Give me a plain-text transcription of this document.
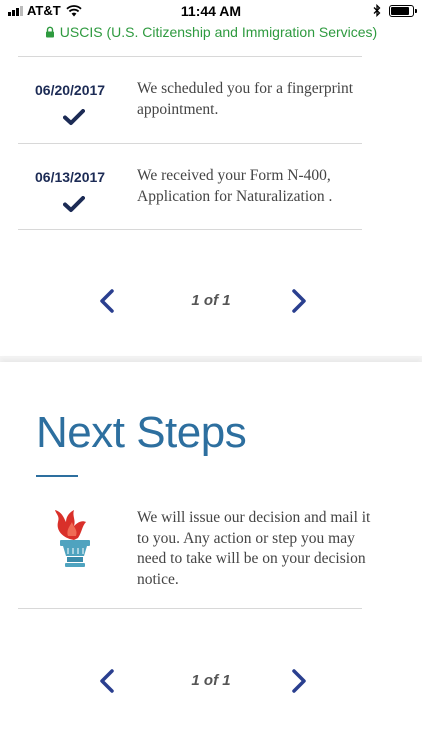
AT&T	11:44 AM
USCIS (U.S. Citizenship and Immigration Services)
06/20/2017 We scheduled you for a fingerprint appointment.
06/13/2017 We received your Form N-400, Application for Naturalization .
1 of 1
Next Steps
We will issue our decision and mail it to you. Any action or step you may need to take will be on your decision notice.
1 of 1
